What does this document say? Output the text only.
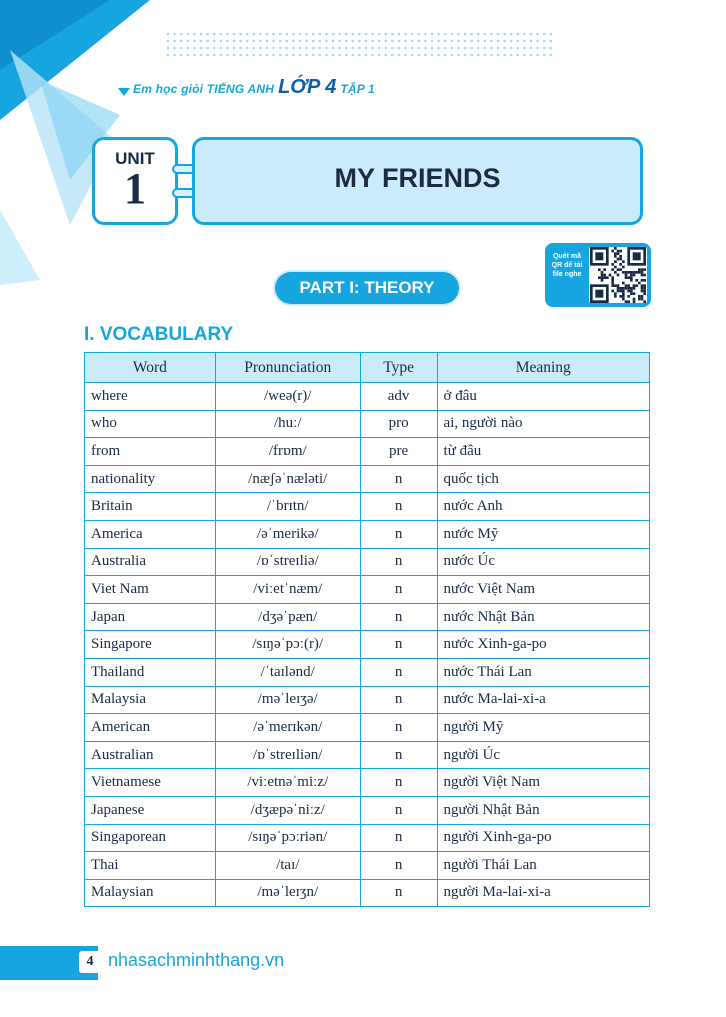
Em học giỏi TIẾNG ANH LỚP 4 TẬP 1
UNIT
1	MY FRIENDS
Quét mã QR để tải file nghe
PART I: THEORY
I. VOCABULARY
Word	Pronunciation	Type	Meaning
where	/weə(r)/	adv	ở đâu
who	/huː/	pro	ai, người nào
from	/frɒm/	pre	từ đâu
nationality	/næʃəˈnæləti/	n	quốc tịch
Britain	/ˈbrɪtn/	n	nước Anh
America	/əˈmerikə/	n	nước Mỹ
Australia	/ɒˈstreɪliə/	n	nước Úc
Viet Nam	/viːetˈnæm/	n	nước Việt Nam
Japan	/dʒəˈpæn/	n	nước Nhật Bản
Singapore	/sɪŋəˈpɔː(r)/	n	nước Xinh-ga-po
Thailand	/ˈtaɪlənd/	n	nước Thái Lan
Malaysia	/məˈleɪʒə/	n	nước Ma-lai-xi-a
American	/əˈmerɪkən/	n	người Mỹ
Australian	/ɒˈstreɪliən/	n	người Úc
Vietnamese	/viːetnəˈmiːz/	n	người Việt Nam
Japanese	/dʒæpəˈniːz/	n	người Nhật Bản
Singaporean	/sɪŋəˈpɔːriən/	n	người Xinh-ga-po
Thai	/taɪ/	n	người Thái Lan
Malaysian	/məˈleɪʒn/	n	người Ma-lai-xi-a
4 nhasachminhthang.vn
